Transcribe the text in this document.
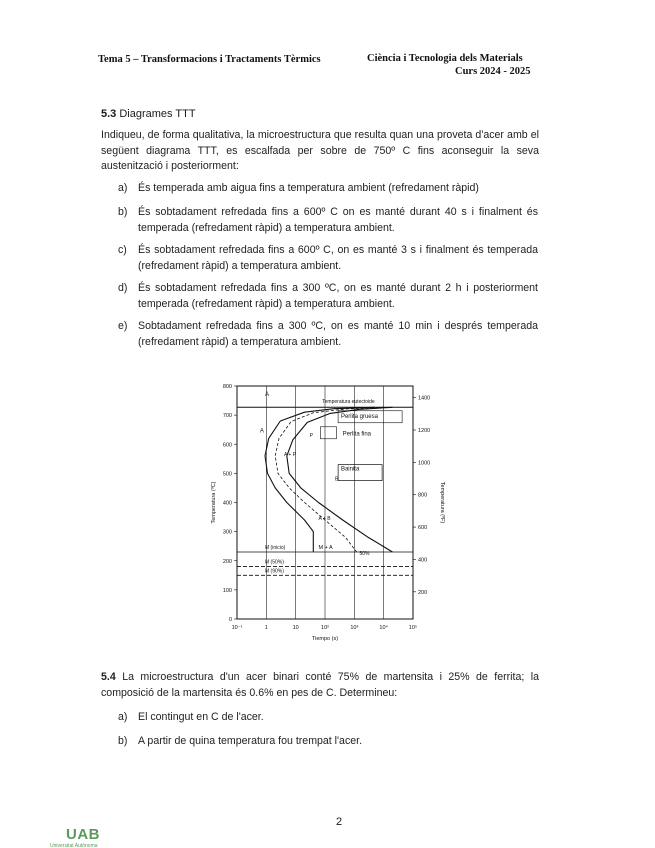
Tema 5 – Transformacions i Tractaments Tèrmics	Ciència i Tecnologia dels Materials
Curs 2024 - 2025
5.3 Diagrames TTT
Indiqueu, de forma qualitativa, la microestructura que resulta quan una proveta d'acer amb el següent diagrama TTT, es escalfada per sobre de 750º C fins aconseguir la seva austenització i posteriorment:
a) És temperada amb aigua fins a temperatura ambient (refredament ràpid)
b) És sobtadament refredada fins a 600º C on es manté durant 40 s i finalment és temperada (refredament ràpid) a temperatura ambient.
c)	És sobtadament refredada fins a 600º C, on es manté 3 s i finalment és temperada (refredament ràpid) a temperatura ambient.
d) És sobtadament refredada fins a 300 ºC, on es manté durant 2 h i posteriorment temperada (refredament ràpid) a temperatura ambient.
e) Sobtadament refredada fins a 300 ºC, on es manté 10 min i després temperada (refredament ràpid) a temperatura ambient.
10⁻¹	1	10	10²	10³	10⁴	10⁵
0
100
200
300
400
500
600
700
800
200
400
600
800
1000
1200
1400
Tiempo (s)
Temperatura (ºC)	Temperatura (ºF)
A
A
Temperatura eutectoide
Perlita gruesa
Perlita fina
Bainita
P
B
A + P
A + B
M (inicio)	M + A
50%
M (50%)
M (90%)
5.4 La microestructura d'un acer binari conté 75% de martensita i 25% de ferrita; la composició de la martensita és 0.6% en pes de C. Determineu:
a) El contingut en C de l'acer.
b) A partir de quina temperatura fou trempat l'acer.
2
UAB
Universitat Autònoma
